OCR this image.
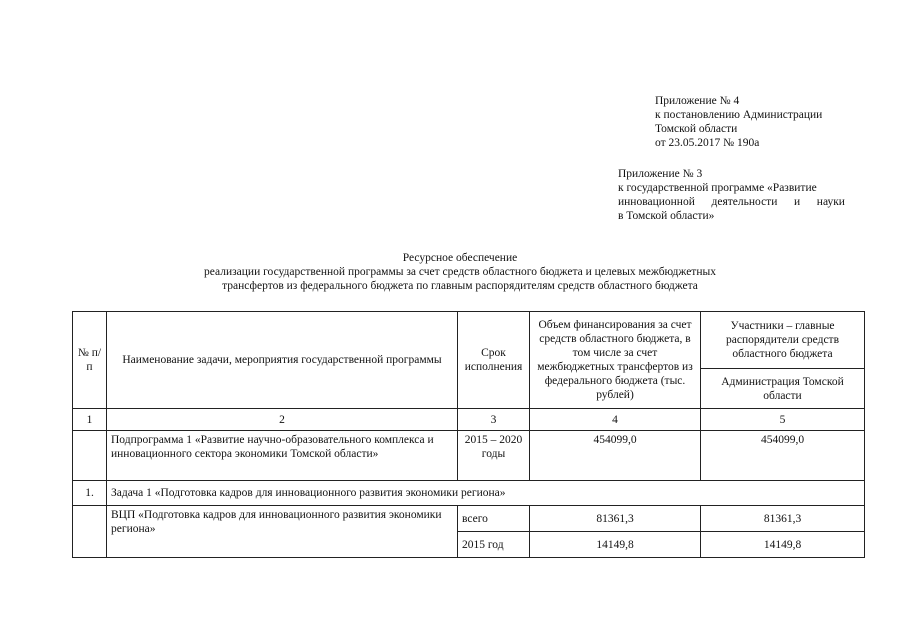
Приложение № 4
к постановлению Администрации
Томской области
от 23.05.2017 № 190а
Приложение № 3
к государственной программе «Развитие
инновационной деятельности и науки
в Томской области»
Ресурсное обеспечение
реализации государственной программы за счет средств областного бюджета и целевых межбюджетных
трансфертов из федерального бюджета по главным распорядителям средств областного бюджета
№ п/п	Наименование задачи, мероприятия государственной программы	Срок исполнения	Объем финансирования за счет средств областного бюджета, в том числе за счет межбюджетных трансфертов из федерального бюджета (тыс. рублей)	Участники – главные распорядители средств областного бюджета
				Администрация Томской области
1	2	3	4	5
	Подпрограмма 1 «Развитие научно-образовательного комплекса и инновационного сектора экономики Томской области»	2015 – 2020 годы	454099,0	454099,0
1.	Задача 1 «Подготовка кадров для инновационного развития экономики региона»			
	ВЦП «Подготовка кадров для инновационного развития экономики региона»	всего	81361,3	81361,3
		2015 год	14149,8	14149,8
